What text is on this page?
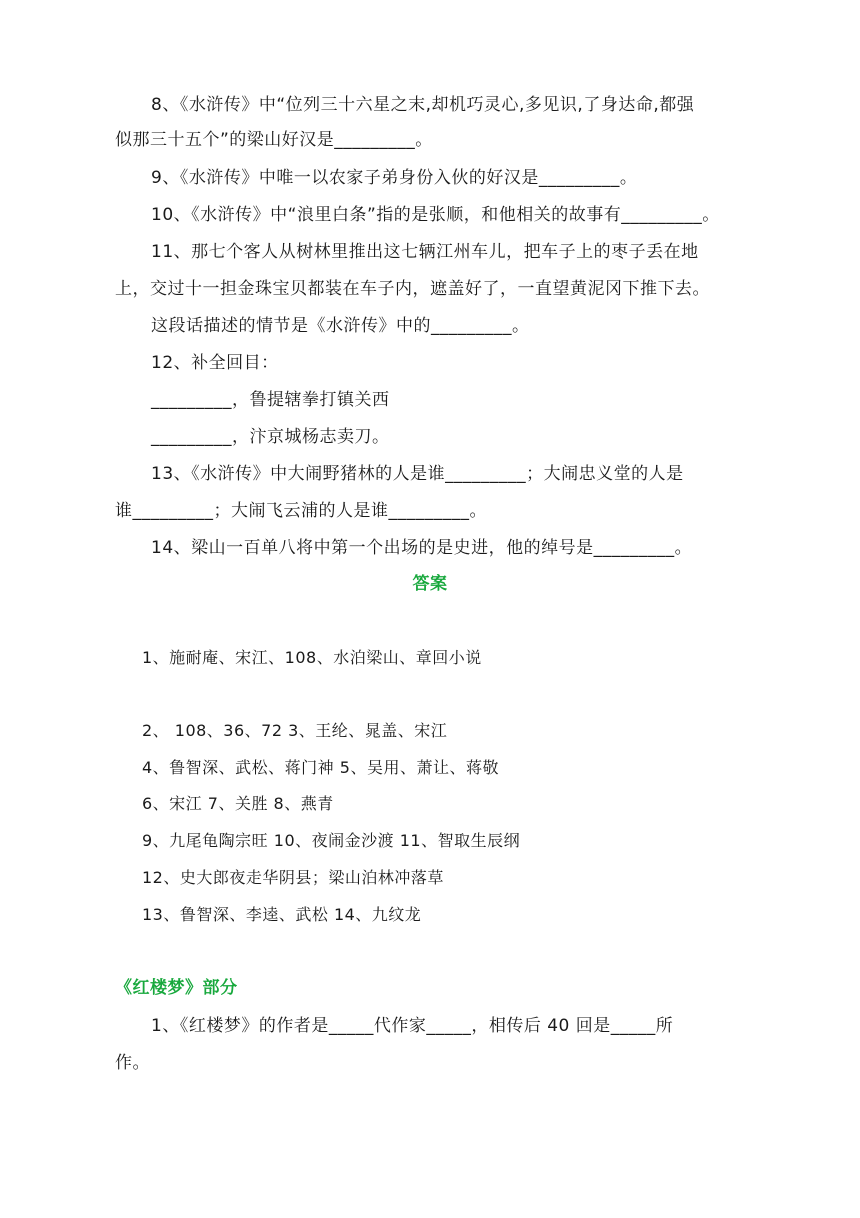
8、《水浒传》中“位列三十六星之末,却机巧灵心,多见识,了身达命,都强
似那三十五个”的梁山好汉是_________。
9、《水浒传》中唯一以农家子弟身份入伙的好汉是_________。
10、《水浒传》中“浪里白条”指的是张顺，和他相关的故事有_________。
11、那七个客人从树林里推出这七辆江州车儿，把车子上的枣子丢在地
上，交过十一担金珠宝贝都装在车子内，遮盖好了，一直望黄泥冈下推下去。
这段话描述的情节是《水浒传》中的_________。
12、补全回目：
_________，鲁提辖拳打镇关西
_________，汴京城杨志卖刀。
13、《水浒传》中大闹野猪林的人是谁_________；大闹忠义堂的人是
谁_________；大闹飞云浦的人是谁_________。
14、梁山一百单八将中第一个出场的是史进，他的绰号是_________。
答案
1、施耐庵、宋江、108、水泊梁山、章回小说
2、 108、36、72 3、王纶、晁盖、宋江
4、鲁智深、武松、蒋门神 5、吴用、萧让、蒋敬
6、宋江 7、关胜 8、燕青
9、九尾龟陶宗旺 10、夜闹金沙渡 11、智取生辰纲
12、史大郎夜走华阴县；梁山泊林冲落草
13、鲁智深、李逵、武松 14、九纹龙
《红楼梦》部分
1、《红楼梦》的作者是_____代作家_____，相传后 40 回是_____所
作。
